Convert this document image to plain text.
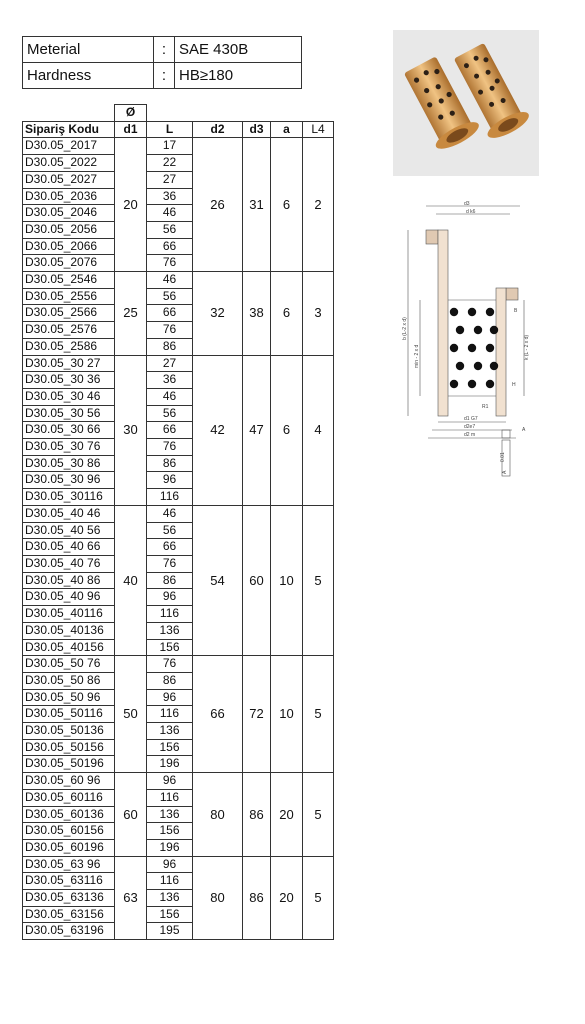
Meterial	:	SAE 430B
Hardness	:	HB≥180
d3
d k6
d1 G7
d2e7
d2 m
R1
B
H
A
0.01
A
b (L-2 x d)
min - 2 x d	k (L - 2 x d)
	Ø					
Sipariş Kodu	d1	L	d2	d3	a	L4
D30.05_2017	20	17	26	31	6	2
D30.05_2022		22				
D30.05_2027		27				
D30.05_2036		36				
D30.05_2046		46				
D30.05_2056		56				
D30.05_2066		66				
D30.05_2076		76				
D30.05_2546	25	46	32	38	6	3
D30.05_2556		56				
D30.05_2566		66				
D30.05_2576		76				
D30.05_2586		86				
D30.05_30 27	30	27	42	47	6	4
D30.05_30 36		36				
D30.05_30 46		46				
D30.05_30 56		56				
D30.05_30 66		66				
D30.05_30 76		76				
D30.05_30 86		86				
D30.05_30 96		96				
D30.05_30116		116				
D30.05_40 46	40	46	54	60	10	5
D30.05_40 56		56				
D30.05_40 66		66				
D30.05_40 76		76				
D30.05_40 86		86				
D30.05_40 96		96				
D30.05_40116		116				
D30.05_40136		136				
D30.05_40156		156				
D30.05_50 76	50	76	66	72	10	5
D30.05_50 86		86				
D30.05_50 96		96				
D30.05_50116		116				
D30.05_50136		136				
D30.05_50156		156				
D30.05_50196		196				
D30.05_60 96	60	96	80	86	20	5
D30.05_60116		116				
D30.05_60136		136				
D30.05_60156		156				
D30.05_60196		196				
D30.05_63 96	63	96	80	86	20	5
D30.05_63116		116				
D30.05_63136		136				
D30.05_63156		156				
D30.05_63196		195				
